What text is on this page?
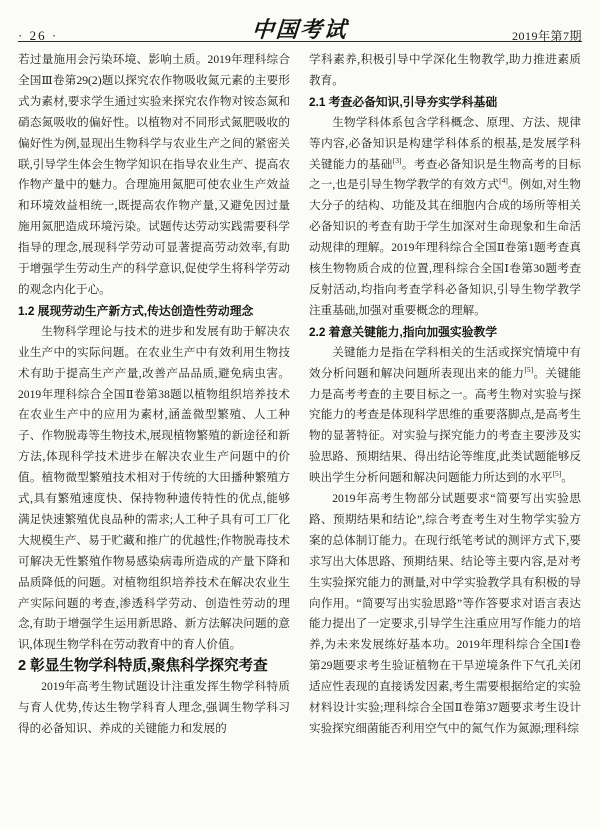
· 26 ·	中国考试	2019年第7期

若过量施用会污染环境、影响土质。2019年理科综合全国Ⅲ卷第29(2)题以探究农作物吸收氮元素的主要形式为素材,要求学生通过实验来探究农作物对铵态氮和硝态氮吸收的偏好性。以植物对不同形式氮肥吸收的偏好性为例,显现出生物科学与农业生产之间的紧密关联,引导学生体会生物学知识在指导农业生产、提高农作物产量中的魅力。合理施用氮肥可使农业生产效益和环境效益相统一,既提高农作物产量,又避免因过量施用氮肥造成环境污染。试题传达劳动实践需要科学指导的理念,展现科学劳动可显著提高劳动效率,有助于增强学生劳动生产的科学意识,促使学生将科学劳动的观念内化于心。

1.2 展现劳动生产新方式,传达创造性劳动理念

生物科学理论与技术的进步和发展有助于解决农业生产中的实际问题。在农业生产中有效利用生物技术有助于提高生产产量,改善产品品质,避免病虫害。2019年理科综合全国Ⅱ卷第38题以植物组织培养技术在农业生产中的应用为素材,涵盖微型繁殖、人工种子、作物脱毒等生物技术,展现植物繁殖的新途径和新方法,体现科学技术进步在解决农业生产问题中的价值。植物微型繁殖技术相对于传统的大田播种繁殖方式,具有繁殖速度快、保持物种遗传特性的优点,能够满足快速繁殖优良品种的需求;人工种子具有可工厂化大规模生产、易于贮藏和推广的优越性;作物脱毒技术可解决无性繁殖作物易感染病毒所造成的产量下降和品质降低的问题。对植物组织培养技术在解决农业生产实际问题的考查,渗透科学劳动、创造性劳动的理念,有助于增强学生运用新思路、新方法解决问题的意识,体现生物学科在劳动教育中的育人价值。

2 彰显生物学科特质,聚焦科学探究考查

2019年高考生物试题设计注重发挥生物学科特质与育人优势,传达生物学科育人理念,强调生物学科习得的必备知识、养成的关键能力和发展的

学科素养,积极引导中学深化生物教学,助力推进素质教育。

2.1 考查必备知识,引导夯实学科基础

生物学科体系包含学科概念、原理、方法、规律等内容,必备知识是构建学科体系的根基,是发展学科关键能力的基础[3]。考查必备知识是生物高考的目标之一,也是引导生物学教学的有效方式[4]。例如,对生物大分子的结构、功能及其在细胞内合成的场所等相关必备知识的考查有助于学生加深对生命现象和生命活动规律的理解。2019年理科综合全国Ⅱ卷第1题考查真核生物物质合成的位置,理科综合全国Ⅰ卷第30题考查反射活动,均指向考查学科必备知识,引导生物学教学注重基础,加强对重要概念的理解。

2.2 着意关键能力,指向加强实验教学

关键能力是指在学科相关的生活或探究情境中有效分析问题和解决问题所表现出来的能力[5]。关键能力是高考考查的主要目标之一。高考生物对实验与探究能力的考查是体现科学思维的重要落脚点,是高考生物的显著特征。对实验与探究能力的考查主要涉及实验思路、预期结果、得出结论等维度,此类试题能够反映出学生分析问题和解决问题能力所达到的水平[5]。

2019年高考生物部分试题要求“简要写出实验思路、预期结果和结论”,综合考查考生对生物学实验方案的总体制订能力。在现行纸笔考试的测评方式下,要求写出大体思路、预期结果、结论等主要内容,是对考生实验探究能力的测量,对中学实验教学具有积极的导向作用。“简要写出实验思路”等作答要求对语言表达能力提出了一定要求,引导学生注重应用写作能力的培养,为未来发展练好基本功。2019年理科综合全国Ⅰ卷第29题要求考生验证植物在干旱逆境条件下气孔关闭适应性表现的直接诱发因素,考生需要根据给定的实验材料设计实验;理科综合全国Ⅱ卷第37题要求考生设计实验探究细菌能否利用空气中的氮气作为氮源;理科综
